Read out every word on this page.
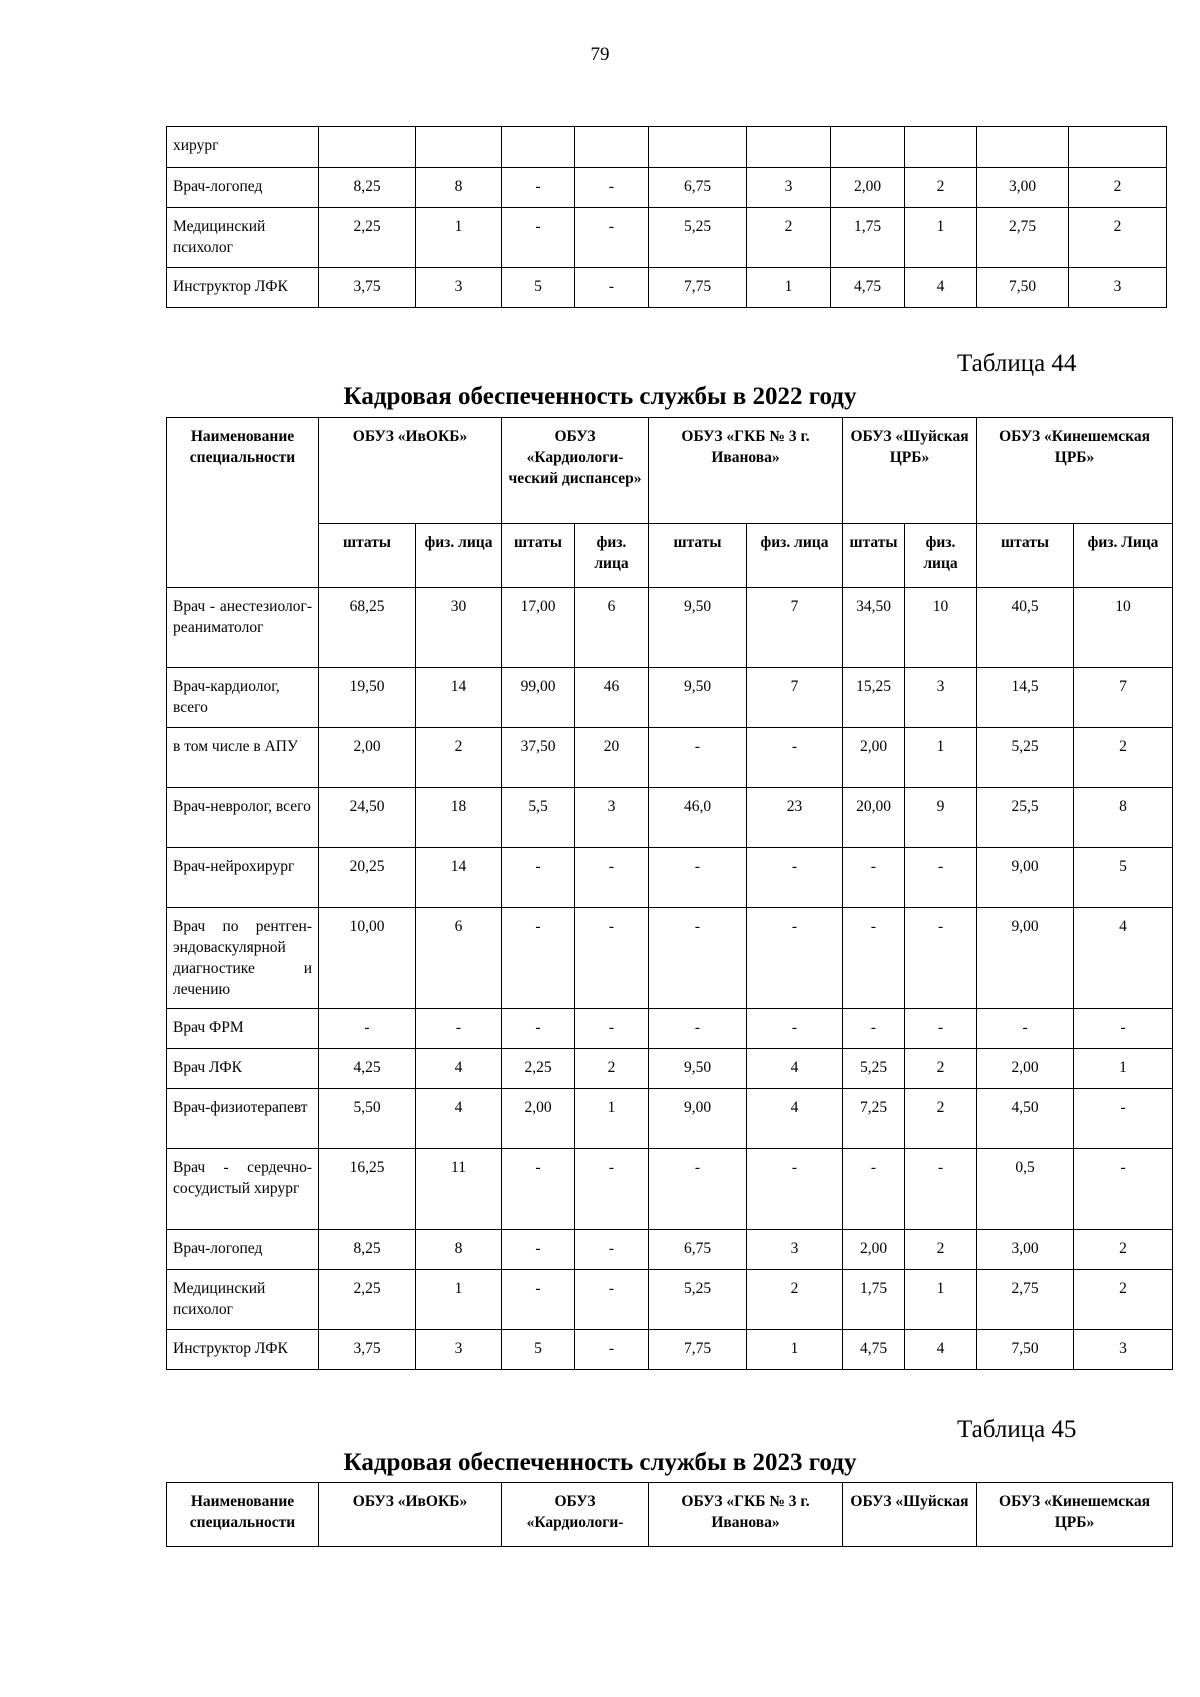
79
хирург										
Врач-логопед	8,25	8	-	-	6,75	3	2,00	2	3,00	2
Медицинский психолог	2,25	1	-	-	5,25	2	1,75	1	2,75	2
Инструктор ЛФК	3,75	3	5	-	7,75	1	4,75	4	7,50	3
Таблица 44
Кадровая обеспеченность службы в 2022 году
Наименование специальности	ОБУЗ «ИвОКБ»		ОБУЗ «Кардиологи-ческий диспансер»		ОБУЗ «ГКБ № 3 г. Иванова»		ОБУЗ «Шуйская ЦРБ»		ОБУЗ «Кинешемская ЦРБ»	
	штаты	физ. лица	штаты	физ. лица	штаты	физ. лица	штаты	физ. лица	штаты	физ. Лица
Врач - анестезиолог-реаниматолог	68,25	30	17,00	6	9,50	7	34,50	10	40,5	10
Врач-кардиолог, всего	19,50	14	99,00	46	9,50	7	15,25	3	14,5	7
в том числе в АПУ	2,00	2	37,50	20	-	-	2,00	1	5,25	2
Врач-невролог, всего	24,50	18	5,5	3	46,0	23	20,00	9	25,5	8
Врач-нейрохирург	20,25	14	-	-	-	-	-	-	9,00	5
Врач по рентген-эндоваскулярной диагностике и лечению	10,00	6	-	-	-	-	-	-	9,00	4
Врач ФРМ	-	-	-	-	-	-	-	-	-	-
Врач ЛФК	4,25	4	2,25	2	9,50	4	5,25	2	2,00	1
Врач-физиотерапевт	5,50	4	2,00	1	9,00	4	7,25	2	4,50	-
Врач - сердечно-сосудистый хирург	16,25	11	-	-	-	-	-	-	0,5	-
Врач-логопед	8,25	8	-	-	6,75	3	2,00	2	3,00	2
Медицинский психолог	2,25	1	-	-	5,25	2	1,75	1	2,75	2
Инструктор ЛФК	3,75	3	5	-	7,75	1	4,75	4	7,50	3
Таблица 45
Кадровая обеспеченность службы в 2023 году
Наименование специальности	ОБУЗ «ИвОКБ»	ОБУЗ «Кардиологи-	ОБУЗ «ГКБ № 3 г. Иванова»	ОБУЗ «Шуйская	ОБУЗ «Кинешемская ЦРБ»
